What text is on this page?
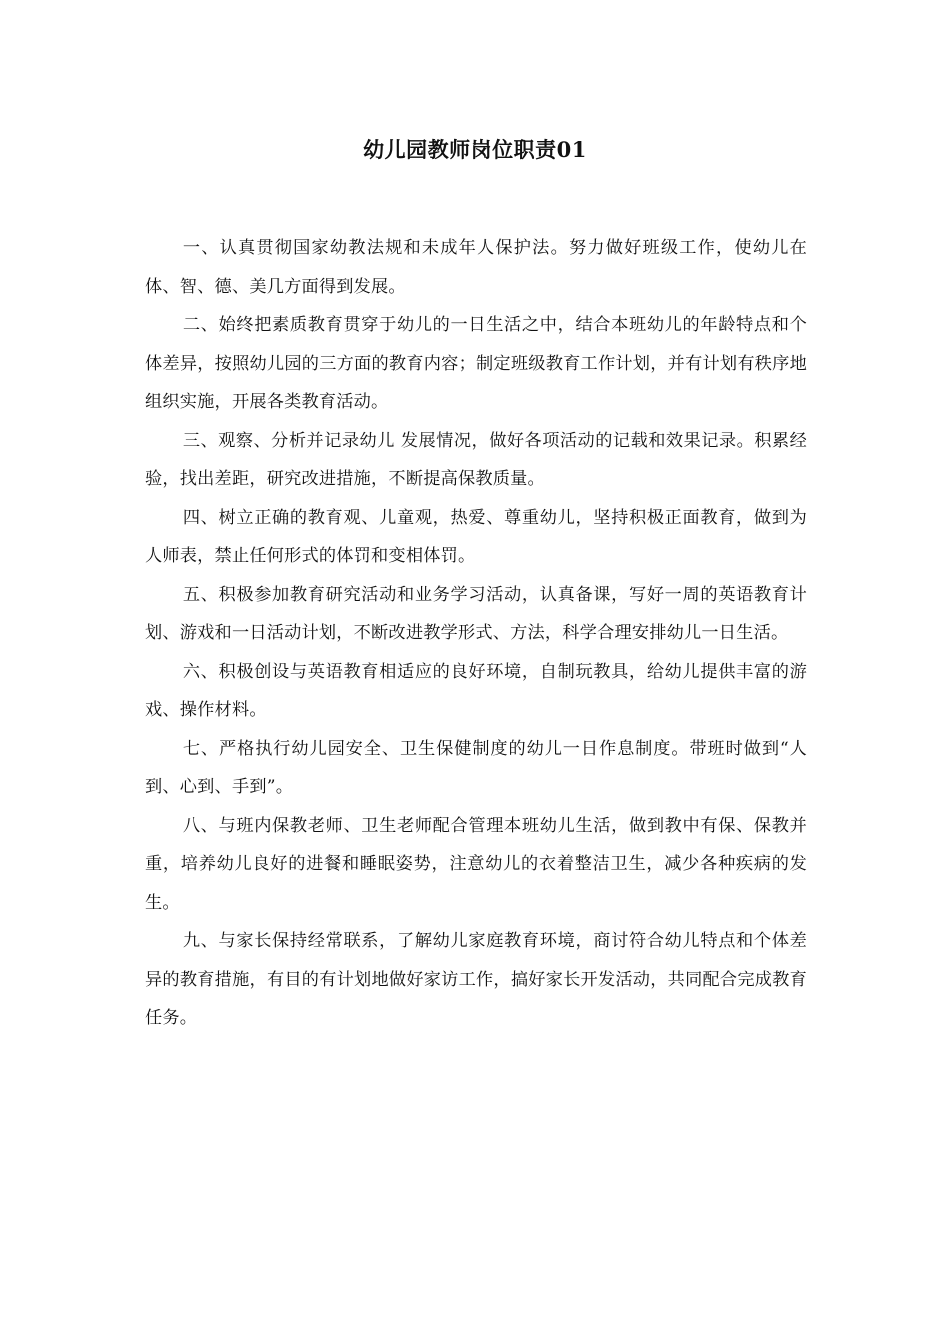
幼儿园教师岗位职责01

一、认真贯彻国家幼教法规和未成年人保护法。努力做好班级工作，使幼儿在体、智、德、美几方面得到发展。

二、始终把素质教育贯穿于幼儿的一日生活之中，结合本班幼儿的年龄特点和个体差异，按照幼儿园的三方面的教育内容；制定班级教育工作计划，并有计划有秩序地组织实施，开展各类教育活动。

三、观察、分析并记录幼儿 发展情况，做好各项活动的记载和效果记录。积累经验，找出差距，研究改进措施，不断提高保教质量。

四、树立正确的教育观、儿童观，热爱、尊重幼儿，坚持积极正面教育，做到为人师表，禁止任何形式的体罚和变相体罚。

五、积极参加教育研究活动和业务学习活动，认真备课，写好一周的英语教育计划、游戏和一日活动计划，不断改进教学形式、方法，科学合理安排幼儿一日生活。

六、积极创设与英语教育相适应的良好环境，自制玩教具，给幼儿提供丰富的游戏、操作材料。

七、严格执行幼儿园安全、卫生保健制度的幼儿一日作息制度。带班时做到“人到、心到、手到”。

八、与班内保教老师、卫生老师配合管理本班幼儿生活，做到教中有保、保教并重，培养幼儿良好的进餐和睡眠姿势，注意幼儿的衣着整洁卫生，减少各种疾病的发生。

九、与家长保持经常联系，了解幼儿家庭教育环境，商讨符合幼儿特点和个体差异的教育措施，有目的有计划地做好家访工作，搞好家长开发活动，共同配合完成教育任务。
